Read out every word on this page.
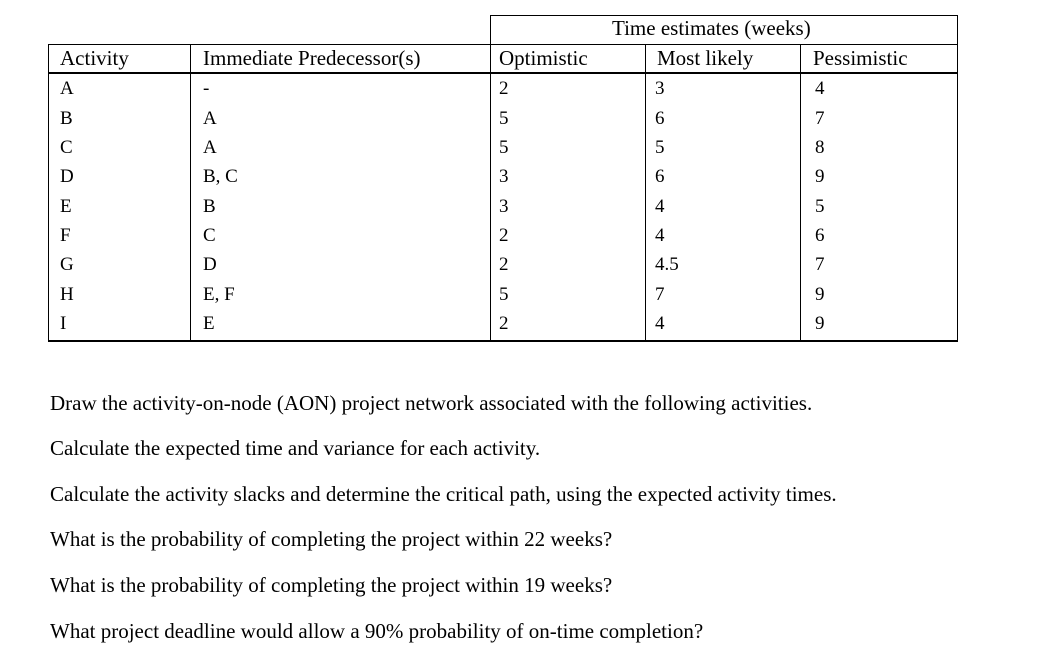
Time estimates (weeks)
Activity	Immediate Predecessor(s)	Optimistic	Most likely	Pessimistic
A	-	2	3	4
B	A	5	6	7
C	A	5	5	8
D	B, C	3	6	9
E	B	3	4	5
F	C	2	4	6
G	D	2	4.5	7
H	E, F	5	7	9
I	E	2	4	9
Draw the activity-on-node (AON) project network associated with the following activities.
Calculate the expected time and variance for each activity.
Calculate the activity slacks and determine the critical path, using the expected activity times.
What is the probability of completing the project within 22 weeks?
What is the probability of completing the project within 19 weeks?
What project deadline would allow a 90% probability of on-time completion?
